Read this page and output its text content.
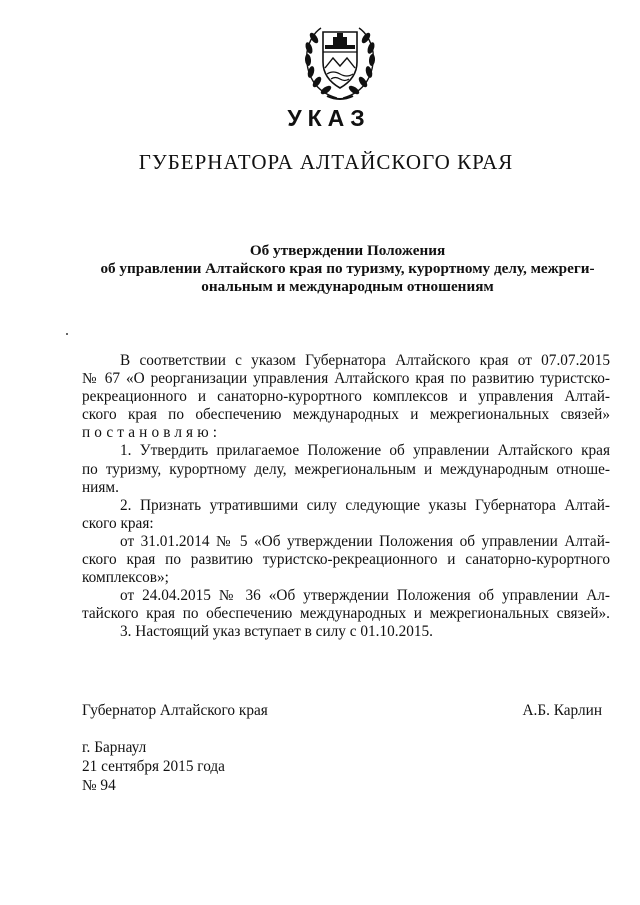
УКАЗ
ГУБЕРНАТОРА АЛТАЙСКОГО КРАЯ
Об утверждении Положения
об управлении Алтайского края по туризму, курортному делу, межреги-
ональным и международным отношениям
В соответствии с указом Губернатора Алтайского края от 07.07.2015
№ 67 «О реорганизации управления Алтайского края по развитию туристско-
рекреационного и санаторно-курортного комплексов и управления Алтай-
ского края по обеспечению международных и межрегиональных связей»
постановляю:
1. Утвердить прилагаемое Положение об управлении Алтайского края
по туризму, курортному делу, межрегиональным и международным отноше-
ниям.
2. Признать утратившими силу следующие указы Губернатора Алтай-
ского края:
от 31.01.2014 № 5 «Об утверждении Положения об управлении Алтай-
ского края по развитию туристско-рекреационного и санаторно-курортного
комплексов»;
от 24.04.2015 № 36 «Об утверждении Положения об управлении Ал-
тайского края по обеспечению международных и межрегиональных связей».
3. Настоящий указ вступает в силу с 01.10.2015.
Губернатор Алтайского края	А.Б. Карлин
г. Барнаул
21 сентября 2015 года
№ 94
